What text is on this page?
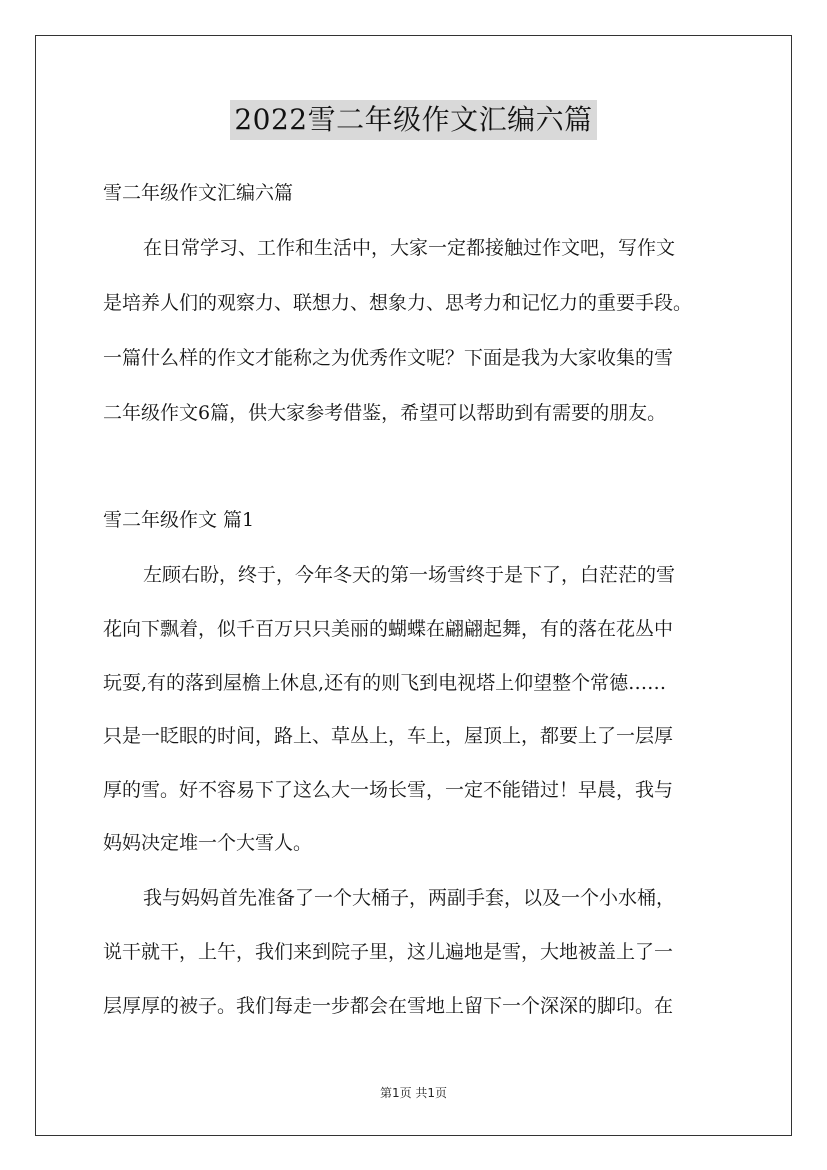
2022雪二年级作文汇编六篇
雪二年级作文汇编六篇
在日常学习、工作和生活中，大家一定都接触过作文吧，写作文
是培养人们的观察力、联想力、想象力、思考力和记忆力的重要手段。
一篇什么样的作文才能称之为优秀作文呢？下面是我为大家收集的雪
二年级作文6篇，供大家参考借鉴，希望可以帮助到有需要的朋友。
雪二年级作文 篇1
左顾右盼，终于，今年冬天的第一场雪终于是下了，白茫茫的雪
花向下飘着，似千百万只只美丽的蝴蝶在翩翩起舞，有的落在花丛中
玩耍,有的落到屋檐上休息,还有的则飞到电视塔上仰望整个常德……
只是一眨眼的时间，路上、草丛上，车上，屋顶上，都要上了一层厚
厚的雪。好不容易下了这么大一场长雪，一定不能错过！早晨，我与
妈妈决定堆一个大雪人。
我与妈妈首先准备了一个大桶子，两副手套，以及一个小水桶，
说干就干，上午，我们来到院子里，这儿遍地是雪，大地被盖上了一
层厚厚的被子。我们每走一步都会在雪地上留下一个深深的脚印。在
第1页 共1页
